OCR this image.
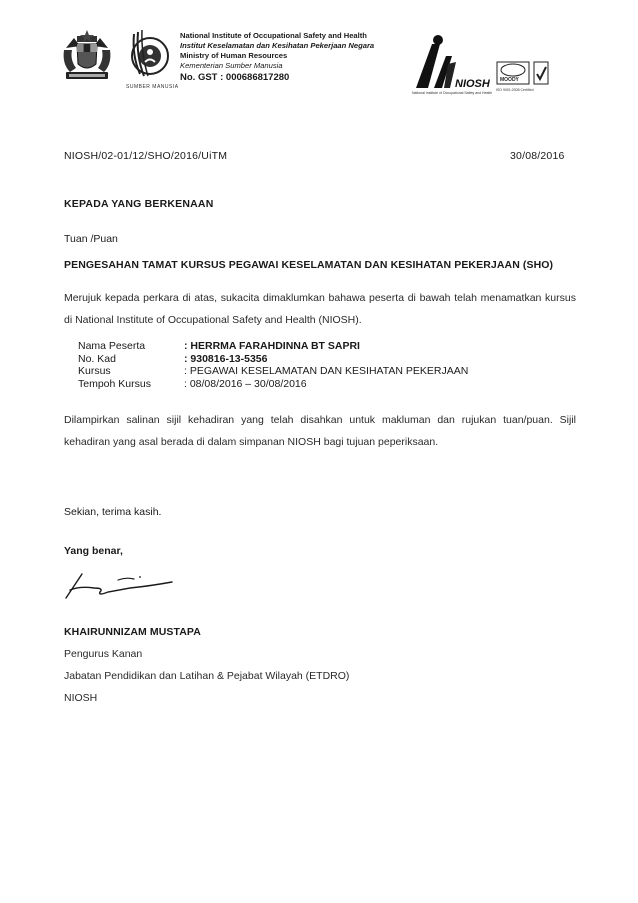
SUMBER MANUSIA
National Institute of Occupational Safety and Health
Institut Keselamatan dan Kesihatan Pekerjaan Negara
Ministry of Human Resources
Kementerian Sumber Manusia
No. GST : 000686817280
NIOSH
National Institute of Occupational Safety and Health
MOODY
ISO 9001:2008 Certified
NIOSH/02-01/12/SHO/2016/UiTM	30/08/2016
KEPADA YANG BERKENAAN
Tuan /Puan
PENGESAHAN TAMAT KURSUS PEGAWAI KESELAMATAN DAN KESIHATAN PEKERJAAN (SHO)
Merujuk kepada perkara di atas, sukacita dimaklumkan bahawa peserta di bawah telah menamatkan kursus di National Institute of Occupational Safety and Health (NIOSH).
Nama Peserta	: HERRMA FARAHDINNA BT SAPRI
No. Kad	: 930816-13-5356
Kursus	: PEGAWAI KESELAMATAN DAN KESIHATAN PEKERJAAN
Tempoh Kursus	: 08/08/2016 – 30/08/2016
Dilampirkan salinan sijil kehadiran yang telah disahkan untuk makluman dan rujukan tuan/puan. Sijil kehadiran yang asal berada di dalam simpanan NIOSH bagi tujuan peperiksaan.
Sekian, terima kasih.
Yang benar,
KHAIRUNNIZAM MUSTAPA
Pengurus Kanan
Jabatan Pendidikan dan Latihan & Pejabat Wilayah (ETDRO)
NIOSH
